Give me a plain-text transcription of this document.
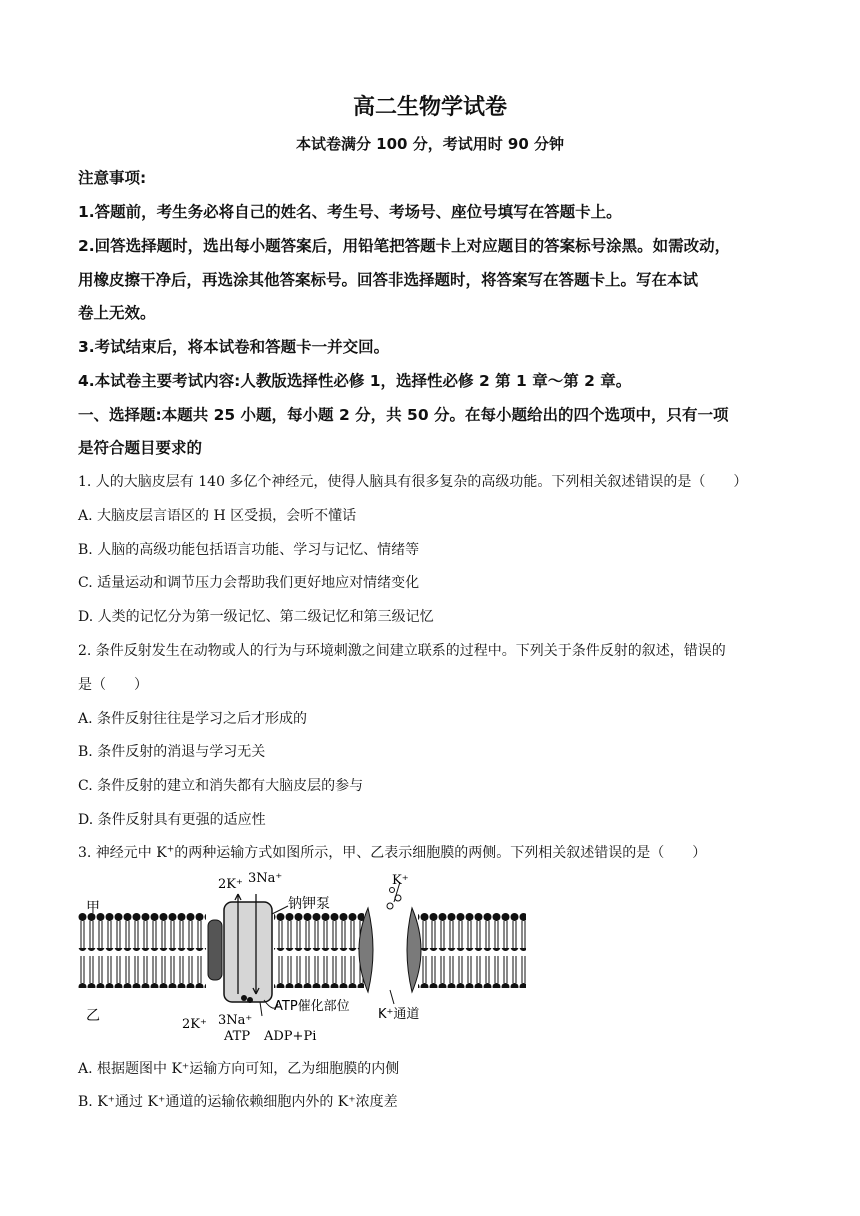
高二生物学试卷
本试卷满分 100 分，考试用时 90 分钟
注意事项:
1.答题前，考生务必将自己的姓名、考生号、考场号、座位号填写在答题卡上。
2.回答选择题时，选出每小题答案后，用铅笔把答题卡上对应题目的答案标号涂黑。如需改动，
用橡皮擦干净后，再选涂其他答案标号。回答非选择题时，将答案写在答题卡上。写在本试
卷上无效。
3.考试结束后，将本试卷和答题卡一并交回。
4.本试卷主要考试内容:人教版选择性必修 1，选择性必修 2 第 1 章～第 2 章。
一、选择题:本题共 25 小题，每小题 2 分，共 50 分。在每小题给出的四个选项中，只有一项
是符合题目要求的
1. 人的大脑皮层有 140 多亿个神经元，使得人脑具有很多复杂的高级功能。下列相关叙述错误的是（　　）
A. 大脑皮层言语区的 H 区受损，会听不懂话
B. 人脑的高级功能包括语言功能、学习与记忆、情绪等
C. 适量运动和调节压力会帮助我们更好地应对情绪变化
D. 人类的记忆分为第一级记忆、第二级记忆和第三级记忆
2. 条件反射发生在动物或人的行为与环境刺激之间建立联系的过程中。下列关于条件反射的叙述，错误的
是（　　）
A. 条件反射往往是学习之后才形成的
B. 条件反射的消退与学习无关
C. 条件反射的建立和消失都有大脑皮层的参与
D. 条件反射具有更强的适应性
3. 神经元中 K+的两种运输方式如图所示，甲、乙表示细胞膜的两侧。下列相关叙述错误的是（　　）
甲
乙
2K⁺ 3Na⁺
钠钾泵
K⁺
ATP催化部位
2K⁺ 3Na⁺
ATP ADP+Pi
K⁺通道
A. 根据题图中 K⁺运输方向可知，乙为细胞膜的内侧
B. K⁺通过 K⁺通道的运输依赖细胞内外的 K⁺浓度差
